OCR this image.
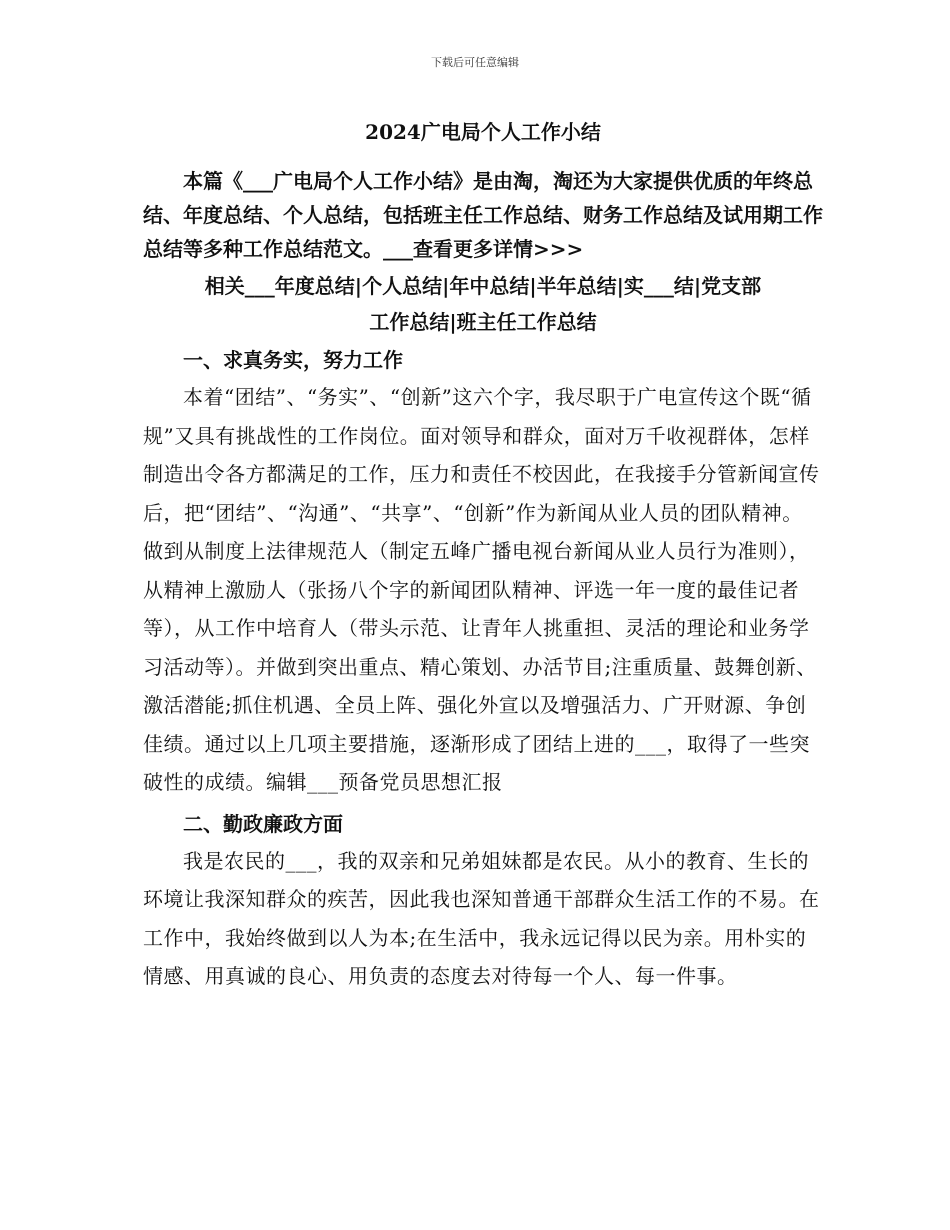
下载后可任意编辑
2024广电局个人工作小结

本篇《___广电局个人工作小结》是由淘，淘还为大家提供优质的年终总结、年度总结、个人总结，包括班主任工作总结、财务工作总结及试用期工作总结等多种工作总结范文。___查看更多详情>>>

相关___年度总结|个人总结|年中总结|半年总结|实___结|党支部
工作总结|班主任工作总结
一、求真务实，努力工作

本着“团结”、“务实”、“创新”这六个字，我尽职于广电宣传这个既“循规”又具有挑战性的工作岗位。面对领导和群众，面对万千收视群体，怎样制造出令各方都满足的工作，压力和责任不校因此，在我接手分管新闻宣传后，把“团结”、“沟通”、“共享”、“创新”作为新闻从业人员的团队精神。做到从制度上法律规范人（制定五峰广播电视台新闻从业人员行为准则），从精神上激励人（张扬八个字的新闻团队精神、评选一年一度的最佳记者等），从工作中培育人（带头示范、让青年人挑重担、灵活的理论和业务学习活动等）。并做到突出重点、精心策划、办活节目;注重质量、鼓舞创新、激活潜能;抓住机遇、全员上阵、强化外宣以及增强活力、广开财源、争创佳绩。通过以上几项主要措施，逐渐形成了团结上进的___，取得了一些突破性的成绩。编辑___预备党员思想汇报

二、勤政廉政方面

我是农民的___，我的双亲和兄弟姐妹都是农民。从小的教育、生长的环境让我深知群众的疾苦，因此我也深知普通干部群众生活工作的不易。在工作中，我始终做到以人为本;在生活中，我永远记得以民为亲。用朴实的情感、用真诚的良心、用负责的态度去对待每一个人、每一件事。
